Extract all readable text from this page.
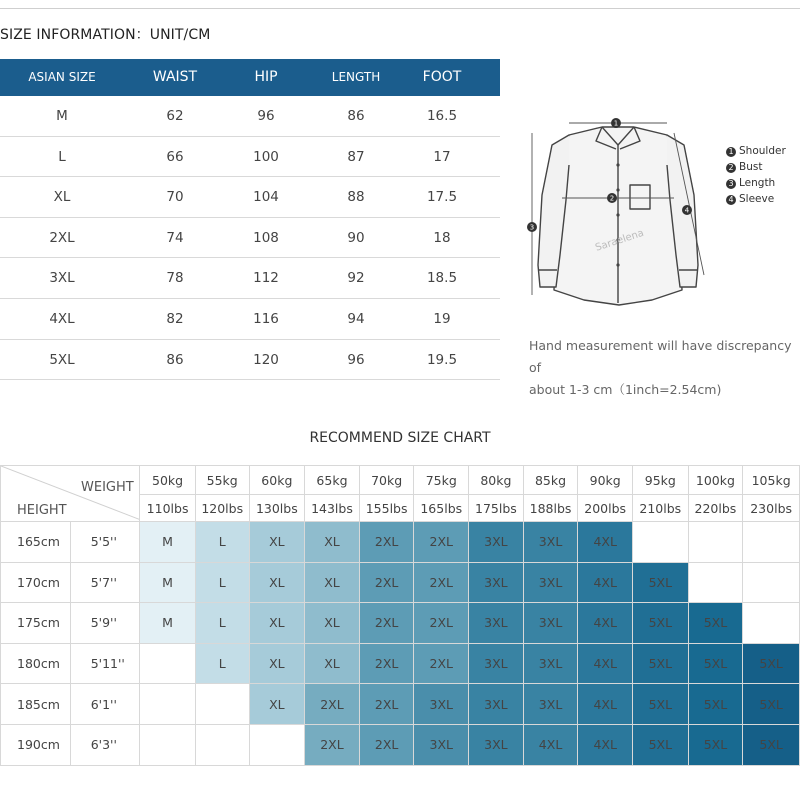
SIZE INFORMATION：UNIT/CM
ASIAN SIZE	WAIST	HIP	LENGTH	FOOT
M	62	96	86	16.5
L	66	100	87	17
XL	70	104	88	17.5
2XL	74	108	90	18
3XL	78	112	92	18.5
4XL	82	116	94	19
5XL	86	120	96	19.5
1
2
3
4
Saraelena
1 Shoulder
2 Bust
3 Length
4 Sleeve
Hand measurement will have discrepancy of
about 1-3 cm（1inch=2.54cm)
RECOMMEND SIZE CHART
WEIGHT
HEIGHT		50kg	55kg	60kg	65kg	70kg	75kg	80kg	85kg	90kg	95kg	100kg	105kg
		110lbs	120lbs	130lbs	143lbs	155lbs	165lbs	175lbs	188lbs	200lbs	210lbs	220lbs	230lbs
165cm	5'5''	M	L	XL	XL	2XL	2XL	3XL	3XL	4XL			
170cm	5'7''	M	L	XL	XL	2XL	2XL	3XL	3XL	4XL	5XL		
175cm	5'9''	M	L	XL	XL	2XL	2XL	3XL	3XL	4XL	5XL	5XL	
180cm	5'11''		L	XL	XL	2XL	2XL	3XL	3XL	4XL	5XL	5XL	5XL
185cm	6'1''			XL	2XL	2XL	3XL	3XL	3XL	4XL	5XL	5XL	5XL
190cm	6'3''				2XL	2XL	3XL	3XL	4XL	4XL	5XL	5XL	5XL
